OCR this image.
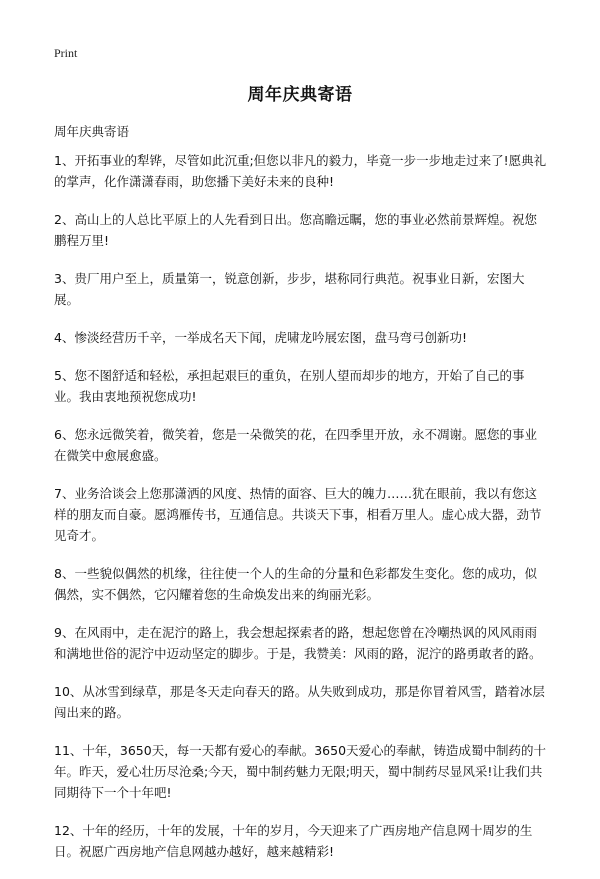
Print
周年庆典寄语

周年庆典寄语

1、开拓事业的犁铧，尽管如此沉重;但您以非凡的毅力，毕竟一步一步地走过来了!愿典礼的掌声，化作潇潇春雨，助您播下美好未来的良种!

2、高山上的人总比平原上的人先看到日出。您高瞻远瞩，您的事业必然前景辉煌。祝您鹏程万里!

3、贵厂用户至上，质量第一，锐意创新，步步，堪称同行典范。祝事业日新，宏图大展。

4、惨淡经营历千辛，一举成名天下闻，虎啸龙吟展宏图，盘马弯弓创新功!

5、您不图舒适和轻松，承担起艰巨的重负，在别人望而却步的地方，开始了自己的事业。我由衷地预祝您成功!

6、您永远微笑着，微笑着，您是一朵微笑的花，在四季里开放，永不凋谢。愿您的事业在微笑中愈展愈盛。

7、业务洽谈会上您那潇洒的风度、热情的面容、巨大的魄力……犹在眼前，我以有您这样的朋友而自豪。愿鸿雁传书，互通信息。共谈天下事，相看万里人。虚心成大器，劲节见奇才。

8、一些貌似偶然的机缘，往往使一个人的生命的分量和色彩都发生变化。您的成功，似偶然，实不偶然，它闪耀着您的生命焕发出来的绚丽光彩。

9、在风雨中，走在泥泞的路上，我会想起探索者的路，想起您曾在冷嘲热讽的风风雨雨和满地世俗的泥泞中迈动坚定的脚步。于是，我赞美：风雨的路，泥泞的路勇敢者的路。

10、从冰雪到绿草，那是冬天走向春天的路。从失败到成功，那是你冒着风雪，踏着冰层闯出来的路。

11、十年，3650天，每一天都有爱心的奉献。3650天爱心的奉献，铸造成蜀中制药的十年。昨天，爱心壮历尽沧桑;今天，蜀中制药魅力无限;明天，蜀中制药尽显风采!让我们共同期待下一个十年吧!

12、十年的经历，十年的发展，十年的岁月，今天迎来了广西房地产信息网十周岁的生日。祝愿广西房地产信息网越办越好，越来越精彩!
